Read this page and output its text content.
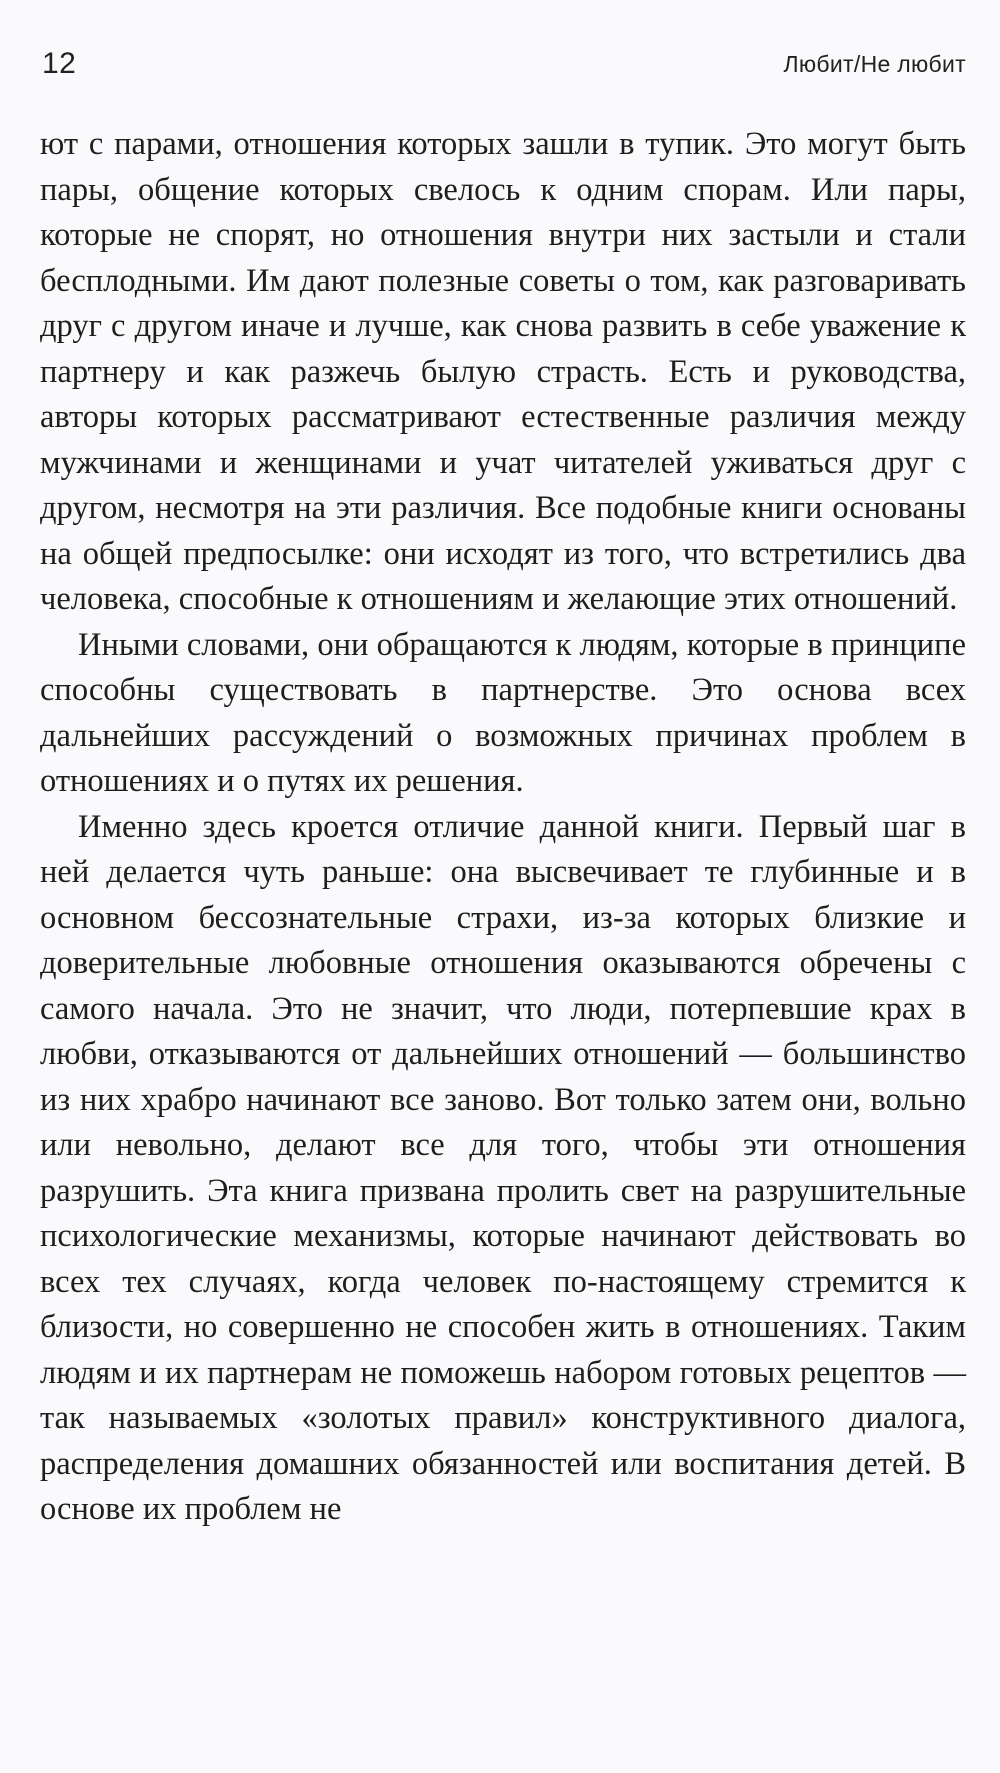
12	Любит/Не любит

ют с парами, отношения которых зашли в тупик. Это могут быть пары, общение которых свелось к одним спорам. Или пары, которые не спорят, но отношения внутри них застыли и стали бесплодными. Им дают полезные советы о том, как разговаривать друг с другом иначе и лучше, как снова развить в себе уважение к партнеру и как разжечь былую страсть. Есть и руководства, авторы которых рассматривают естественные различия между мужчинами и женщинами и учат читателей уживаться друг с другом, несмотря на эти различия. Все подобные книги основаны на общей предпосылке: они исходят из того, что встретились два человека, способные к отношениям и желающие этих отношений.

Иными словами, они обращаются к людям, которые в принципе способны существовать в партнерстве. Это основа всех дальнейших рассуждений о возможных причинах проблем в отношениях и о путях их решения.

Именно здесь кроется отличие данной книги. Первый шаг в ней делается чуть раньше: она высвечивает те глубинные и в основном бессознательные страхи, из-за которых близкие и доверительные любовные отношения оказываются обречены с самого начала. Это не значит, что люди, потерпевшие крах в любви, отказываются от дальнейших отношений — большинство из них храбро начинают все заново. Вот только затем они, вольно или невольно, делают все для того, чтобы эти отношения разрушить. Эта книга призвана пролить свет на разрушительные психологические механизмы, которые начинают действовать во всех тех случаях, когда человек по-настоящему стремится к близости, но совершенно не способен жить в отношениях. Таким людям и их партнерам не поможешь набором готовых рецептов — так называемых «золотых правил» конструктивного диалога, распределения домашних обязанностей или воспитания детей. В основе их проблем не
